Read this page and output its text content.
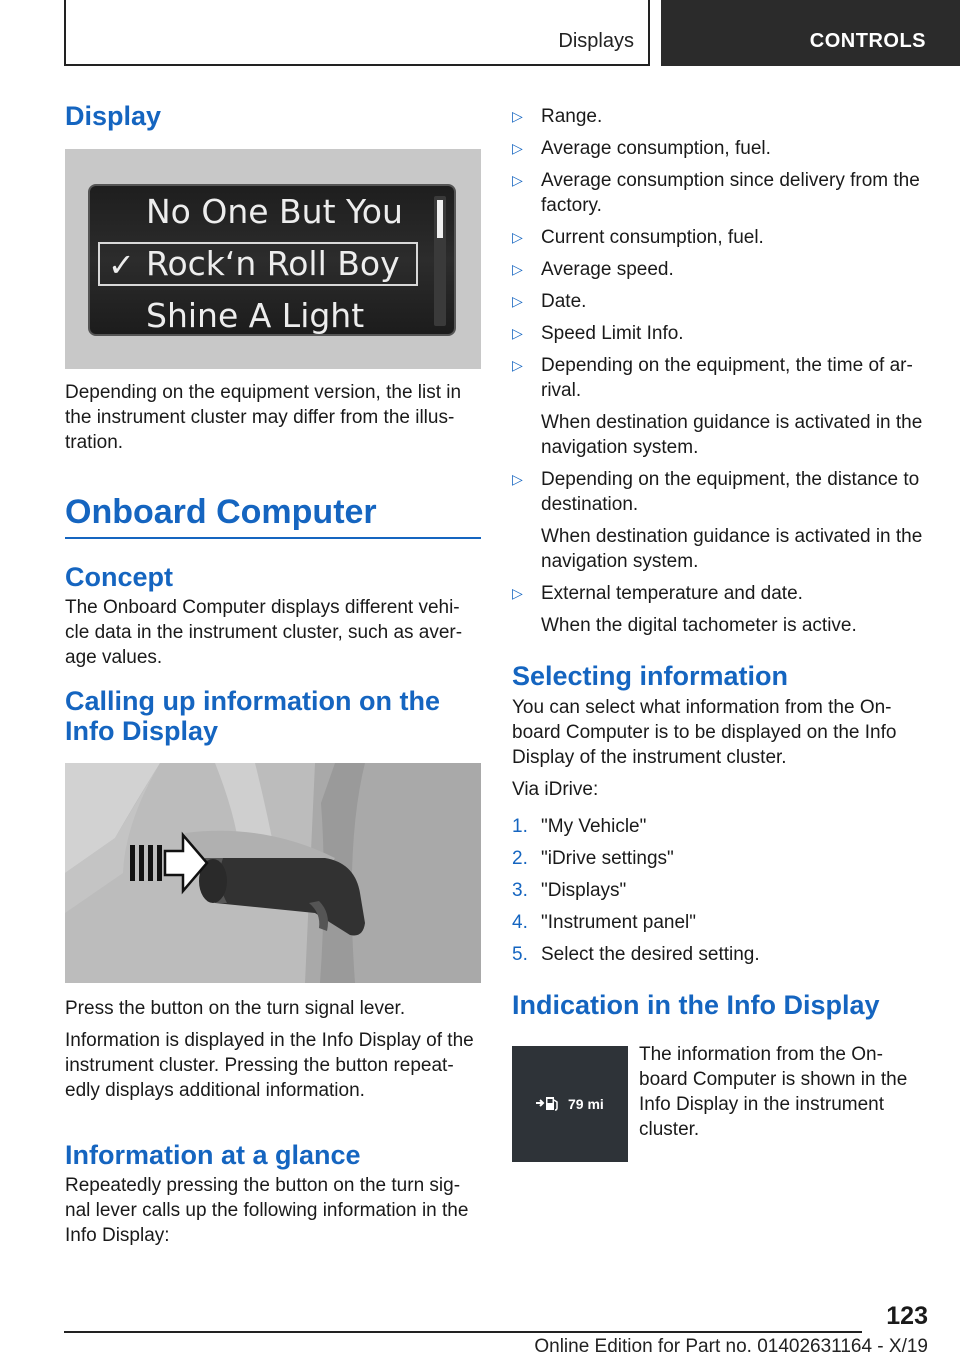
Displays	CONTROLS
Display
No One But You
✓ Rock‘n Roll Boy
Shine A Light
Depending on the equipment version, the list in the instrument cluster may differ from the illus-tration.
Onboard Computer
Concept
The Onboard Computer displays different vehi-cle data in the instrument cluster, such as aver-age values.
Calling up information on the Info Display
Press the button on the turn signal lever.
Information is displayed in the Info Display of the instrument cluster. Pressing the button repeat-edly displays additional information.
Information at a glance
Repeatedly pressing the button on the turn sig-nal lever calls up the following information in the Info Display:
▷ Range.
▷ Average consumption, fuel.
▷ Average consumption since delivery from the factory.
▷ Current consumption, fuel.
▷ Average speed.
▷ Date.
▷ Speed Limit Info.
▷ Depending on the equipment, the time of ar-rival.
When destination guidance is activated in the navigation system.
▷ Depending on the equipment, the distance to destination.
When destination guidance is activated in the navigation system.
▷ External temperature and date.
When the digital tachometer is active.
Selecting information
You can select what information from the On-board Computer is to be displayed on the Info Display of the instrument cluster.
Via iDrive:
1. "My Vehicle"
2. "iDrive settings"
3. "Displays"
4. "Instrument panel"
5. Select the desired setting.
Indication in the Info Display
79 mi
The information from the On-board Computer is shown in the Info Display in the instrument cluster.
123
Online Edition for Part no. 01402631164 - X/19
